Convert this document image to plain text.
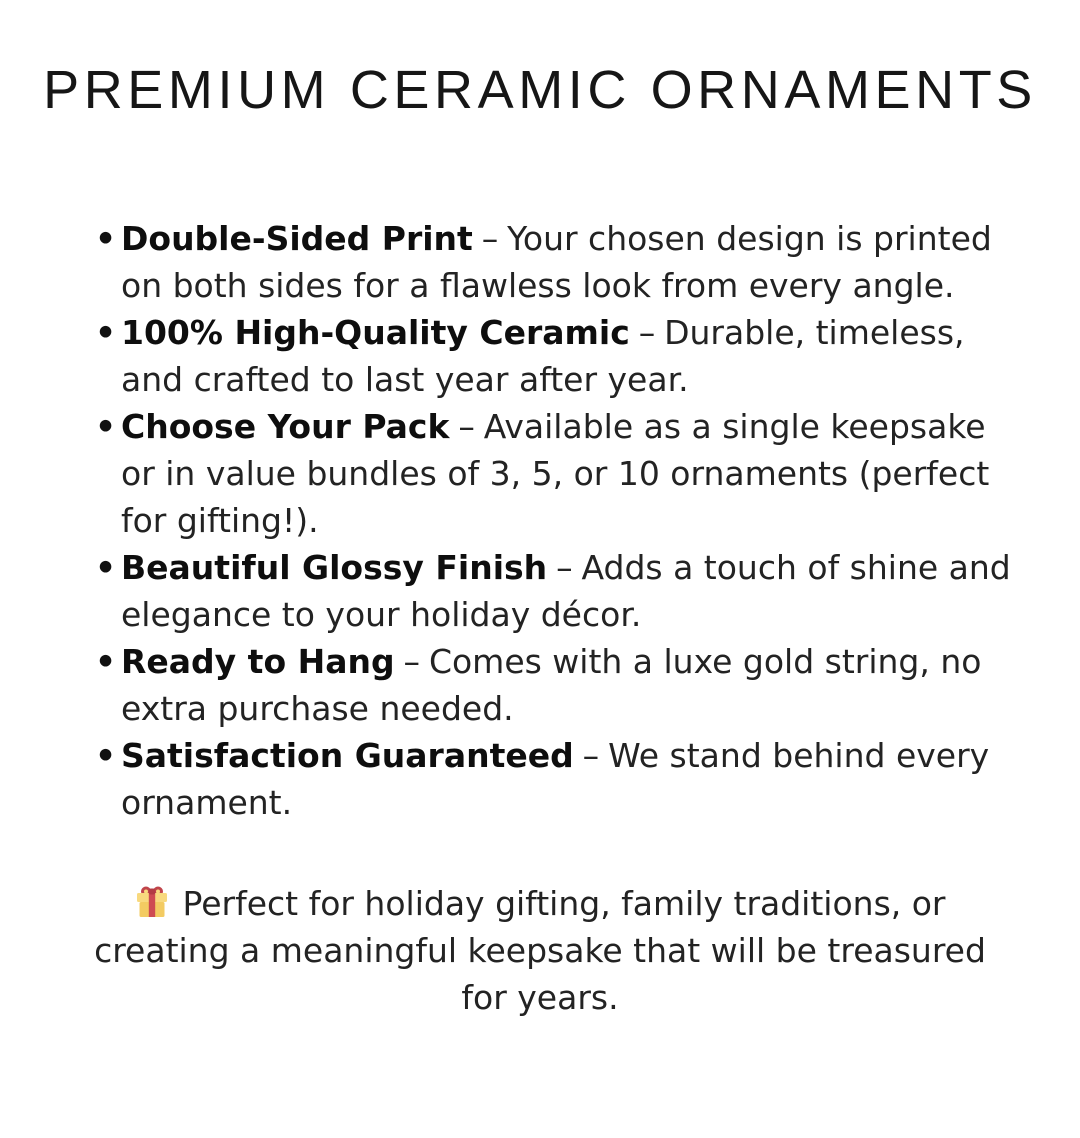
PREMIUM CERAMIC ORNAMENTS
• Double-Sided Print – Your chosen design is printed on both sides for a flawless look from every angle.
• 100% High-Quality Ceramic – Durable, timeless, and crafted to last year after year.
• Choose Your Pack – Available as a single keepsake or in value bundles of 3, 5, or 10 ornaments (perfect for gifting!).
• Beautiful Glossy Finish – Adds a touch of shine and elegance to your holiday décor.
• Ready to Hang – Comes with a luxe gold string, no extra purchase needed.
• Satisfaction Guaranteed – We stand behind every ornament.
Perfect for holiday gifting, family traditions, or
creating a meaningful keepsake that will be treasured
for years.
